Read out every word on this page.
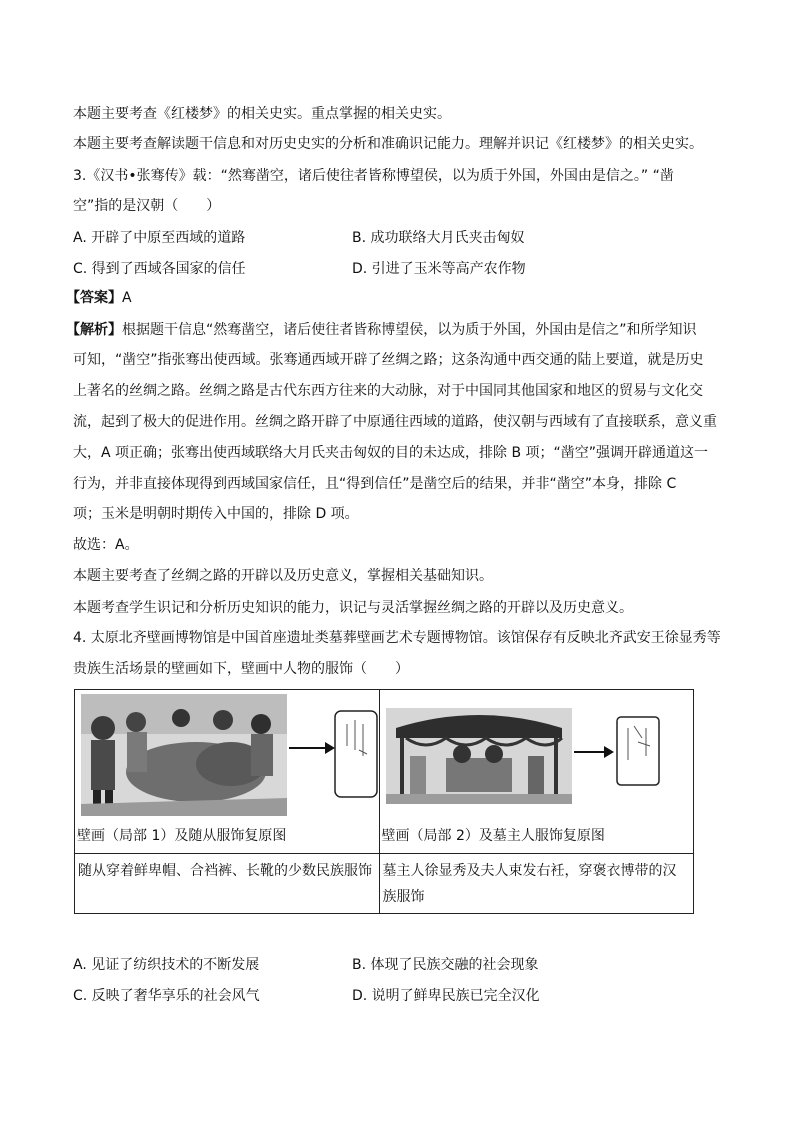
本题主要考查《红楼梦》的相关史实。重点掌握的相关史实。
本题主要考查解读题干信息和对历史史实的分析和准确识记能力。理解并识记《红楼梦》的相关史实。
3.《汉书•张骞传》载：“然骞凿空，诸后使往者皆称博望侯，以为质于外国，外国由是信之。” “凿
空”指的是汉朝（　　）
A. 开辟了中原至西域的道路	B. 成功联络大月氏夹击匈奴
C. 得到了西域各国家的信任	D. 引进了玉米等高产农作物
【答案】A
【解析】根据题干信息“然骞凿空，诸后使往者皆称博望侯，以为质于外国，外国由是信之”和所学知识
可知，“凿空”指张骞出使西域。张骞通西域开辟了丝绸之路；这条沟通中西交通的陆上要道，就是历史
上著名的丝绸之路。丝绸之路是古代东西方往来的大动脉，对于中国同其他国家和地区的贸易与文化交
流，起到了极大的促进作用。丝绸之路开辟了中原通往西域的道路，使汉朝与西域有了直接联系，意义重
大，A 项正确；张骞出使西域联络大月氏夹击匈奴的目的未达成，排除 B 项；“凿空”强调开辟通道这一
行为，并非直接体现得到西域国家信任，且“得到信任”是凿空后的结果，并非“凿空”本身，排除 C
项；玉米是明朝时期传入中国的，排除 D 项。
故选：A。
本题主要考查了丝绸之路的开辟以及历史意义，掌握相关基础知识。
本题考查学生识记和分析历史知识的能力，识记与灵活掌握丝绸之路的开辟以及历史意义。
4. 太原北齐壁画博物馆是中国首座遗址类墓葬壁画艺术专题博物馆。该馆保存有反映北齐武安王徐显秀等
贵族生活场景的壁画如下，壁画中人物的服饰（　　）
壁画（局部 1）及随从服饰复原图	壁画（局部 2）及墓主人服饰复原图

随从穿着鲜卑帽、合裆裤、长靴的少数民族服饰	墓主人徐显秀及夫人束发右衽，穿褒衣博带的汉族服饰
A. 见证了纺织技术的不断发展	B. 体现了民族交融的社会现象
C. 反映了奢华享乐的社会风气	D. 说明了鲜卑民族已完全汉化
